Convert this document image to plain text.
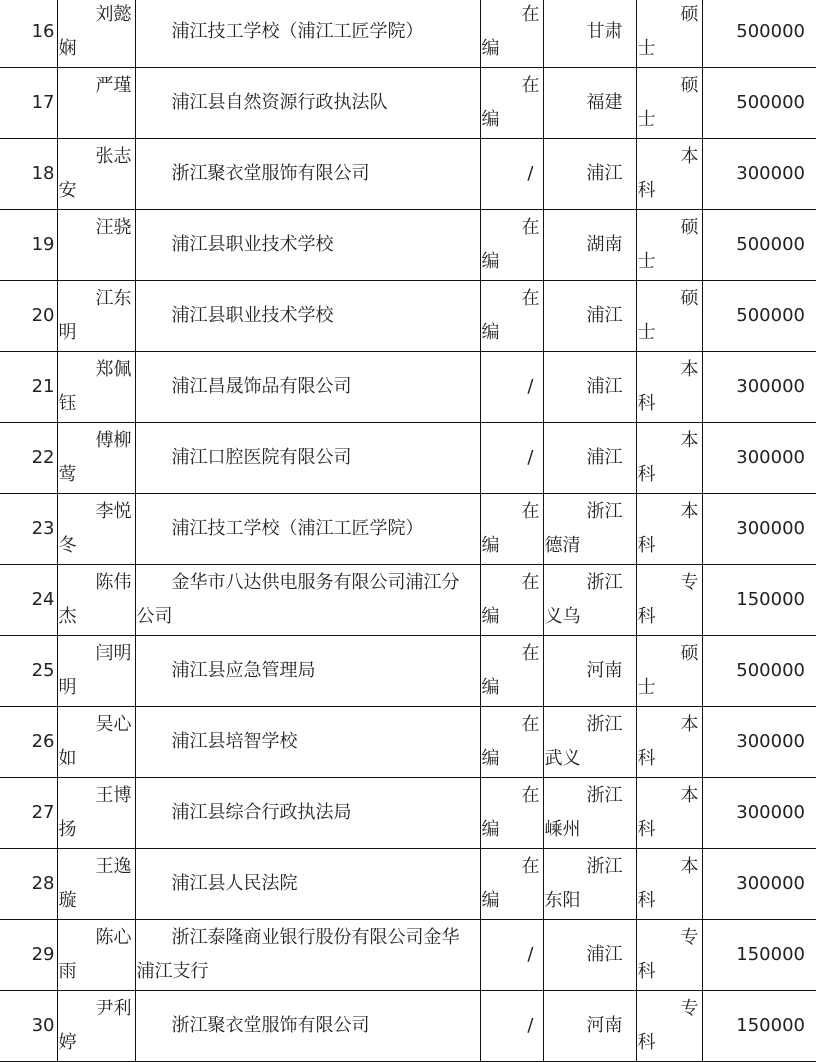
16	刘懿
娴	浦江技工学校（浦江工匠学院）	在
编	甘肃	硕
士	500000

17	严瑾	浦江县自然资源行政执法队	在
编	福建	硕
士	500000

18	张志
安	浙江聚衣堂服饰有限公司	/	浦江	本
科	300000

19	汪骁	浦江县职业技术学校	在
编	湖南	硕
士	500000

20	江东
明	浦江县职业技术学校	在
编	浦江	硕
士	500000

21	郑佩
钰	浦江昌晟饰品有限公司	/	浦江	本
科	300000

22	傅柳
莺	浦江口腔医院有限公司	/	浦江	本
科	300000

23	李悦
冬	浦江技工学校（浦江工匠学院）	在
编	浙江
德清	本
科	300000

24	陈伟
杰	金华市八达供电服务有限公司浦江分
公司	在
编	浙江
义乌	专
科	150000

25	闫明
明	浦江县应急管理局	在
编	河南	硕
士	500000

26	吴心
如	浦江县培智学校	在
编	浙江
武义	本
科	300000

27	王博
扬	浦江县综合行政执法局	在
编	浙江
嵊州	本
科	300000

28	王逸
璇	浦江县人民法院	在
编	浙江
东阳	本
科	300000

29	陈心
雨	浙江泰隆商业银行股份有限公司金华
浦江支行	/	浦江	专
科	150000

30	尹利
婷	浙江聚衣堂服饰有限公司	/	河南	专
科	150000
